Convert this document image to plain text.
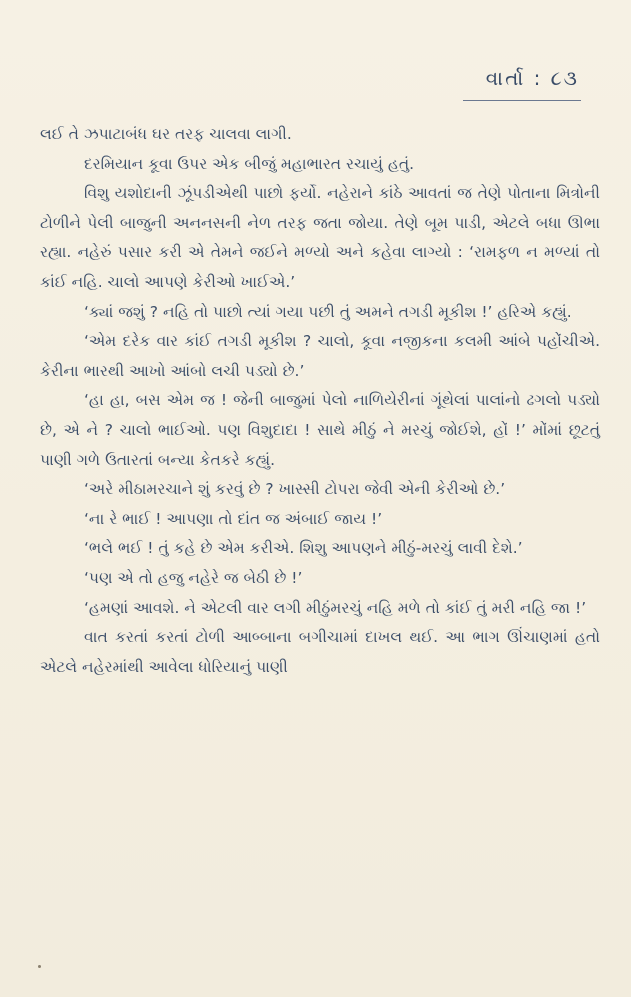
વાર્તા : ૮૩

લઈ તે ઝપાટાબંધ ઘર તરફ ચાલવા લાગી.

દરમિયાન કૂવા ઉપર એક બીજું મહાભારત રચાયું હતું.

વિશુ યશોદાની ઝૂંપડીએથી પાછો ફર્યો. નહેરાને કાંઠે આવતાં જ તેણે પોતાના મિત્રોની ટોળીને પેલી બાજુની અનનસની નેળ તરફ જતા જોયા. તેણે બૂમ પાડી, એટલે બધા ઊભા રહ્યા. નહેરું પસાર કરી એ તેમને જઈને મળ્યો અને કહેવા લાગ્યો : ‘રામફળ ન મળ્યાં તો કાંઈ નહિ. ચાલો આપણે કેરીઓ ખાઈએ.’

‘ક્યાં જશું ? નહિ તો પાછો ત્યાં ગયા પછી તું અમને તગડી મૂકીશ !’ હરિએ કહ્યું.

‘એમ દરેક વાર કાંઈ તગડી મૂકીશ ? ચાલો, કૂવા નજીકના કલમી આંબે પહોંચીએ. કેરીના ભારથી આખો આંબો લચી પડ્યો છે.’

‘હા હા, બસ એમ જ ! જેની બાજુમાં પેલો નાળિયેરીનાં ગૂંથેલાં પાલાંનો ઢગલો પડ્યો છે, એ ને ? ચાલો ભાઈઓ. પણ વિશુદાદા ! સાથે મીઠું ને મરચું જોઈશે, હોં !’ મોંમાં છૂટતું પાણી ગળે ઉતારતાં બન્યા કેતકરે કહ્યું.

‘અરે મીઠામરચાને શું કરવું છે ? ખાસ્સી ટોપરા જેવી એની કેરીઓ છે.’

‘ના રે ભાઈ ! આપણા તો દાંત જ અંબાઈ જાય !’

‘ભલે ભઈ ! તું કહે છે એમ કરીએ. શિશુ આપણને મીઠું-મરચું લાવી દેશે.’

‘પણ એ તો હજુ નહેરે જ બેઠી છે !’

‘હમણાં આવશે. ને એટલી વાર લગી મીઠુંમરચું નહિ મળે તો કાંઈ તું મરી નહિ જા !’

વાત કરતાં કરતાં ટોળી આબ્બાના બગીચામાં દાખલ થઈ. આ ભાગ ઊંચાણમાં હતો એટલે નહેરમાંથી આવેલા ધોરિયાનું પાણી
